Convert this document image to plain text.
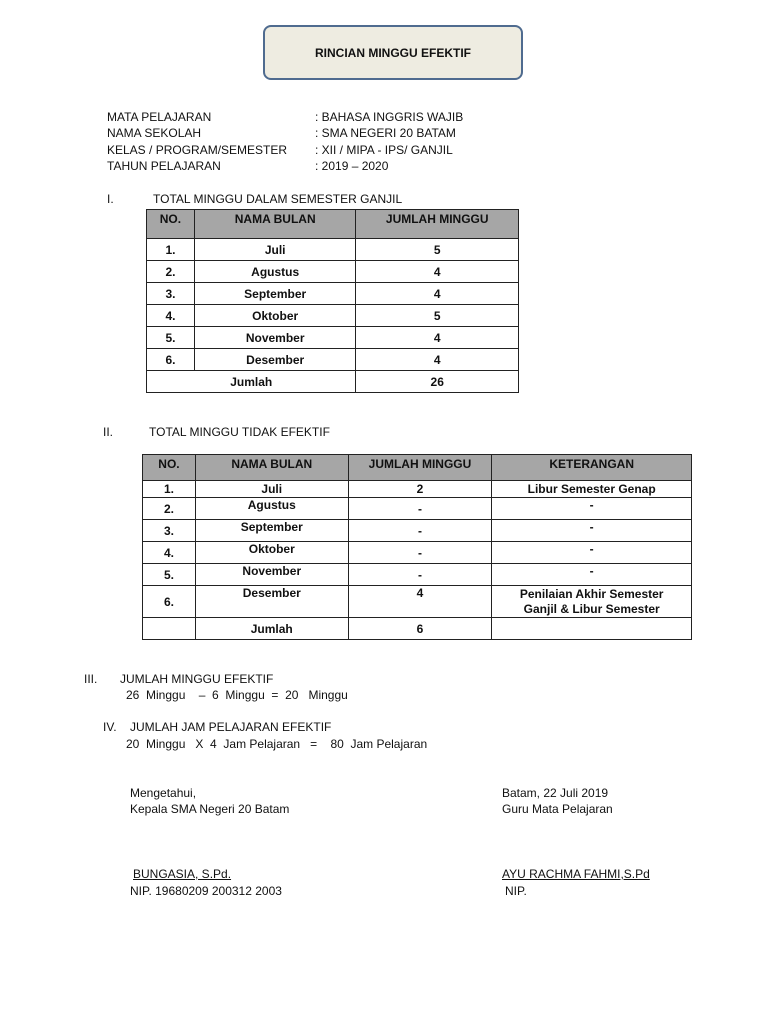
RINCIAN MINGGU EFEKTIF
MATA PELAJARAN	: BAHASA INGGRIS WAJIB
NAMA SEKOLAH	: SMA NEGERI 20 BATAM
KELAS / PROGRAM/SEMESTER : XII / MIPA - IPS/ GANJIL
TAHUN PELAJARAN	: 2019 – 2020
I.	TOTAL MINGGU DALAM SEMESTER GANJIL
NO.	NAMA BULAN	JUMLAH MINGGU
1.	Juli	5
2.	Agustus	4
3.	September	4
4.	Oktober	5
5.	November	4
6.	Desember	4
Jumlah		26
II.	TOTAL MINGGU TIDAK EFEKTIF
NO.	NAMA BULAN	JUMLAH MINGGU	KETERANGAN
1.	Juli	2	Libur Semester Genap
2.	Agustus	-	-
3.	September	-	-
4.	Oktober	-	-
5.	November	-	-
6.	Desember	4	Penilaian Akhir Semester Ganjil & Libur Semester
	Jumlah	6	
III. JUMLAH MINGGU EFEKTIF
26  Minggu    –  6  Minggu  =  20   Minggu
IV. JUMLAH JAM PELAJARAN EFEKTIF
20  Minggu   X  4  Jam Pelajaran   =    80  Jam Pelajaran
Mengetahui,
Kepala SMA Negeri 20 Batam
BUNGASIA, S.Pd.
NIP. 19680209 200312 2003
Batam, 22 Juli 2019
Guru Mata Pelajaran
AYU RACHMA FAHMI,S.Pd
NIP.
